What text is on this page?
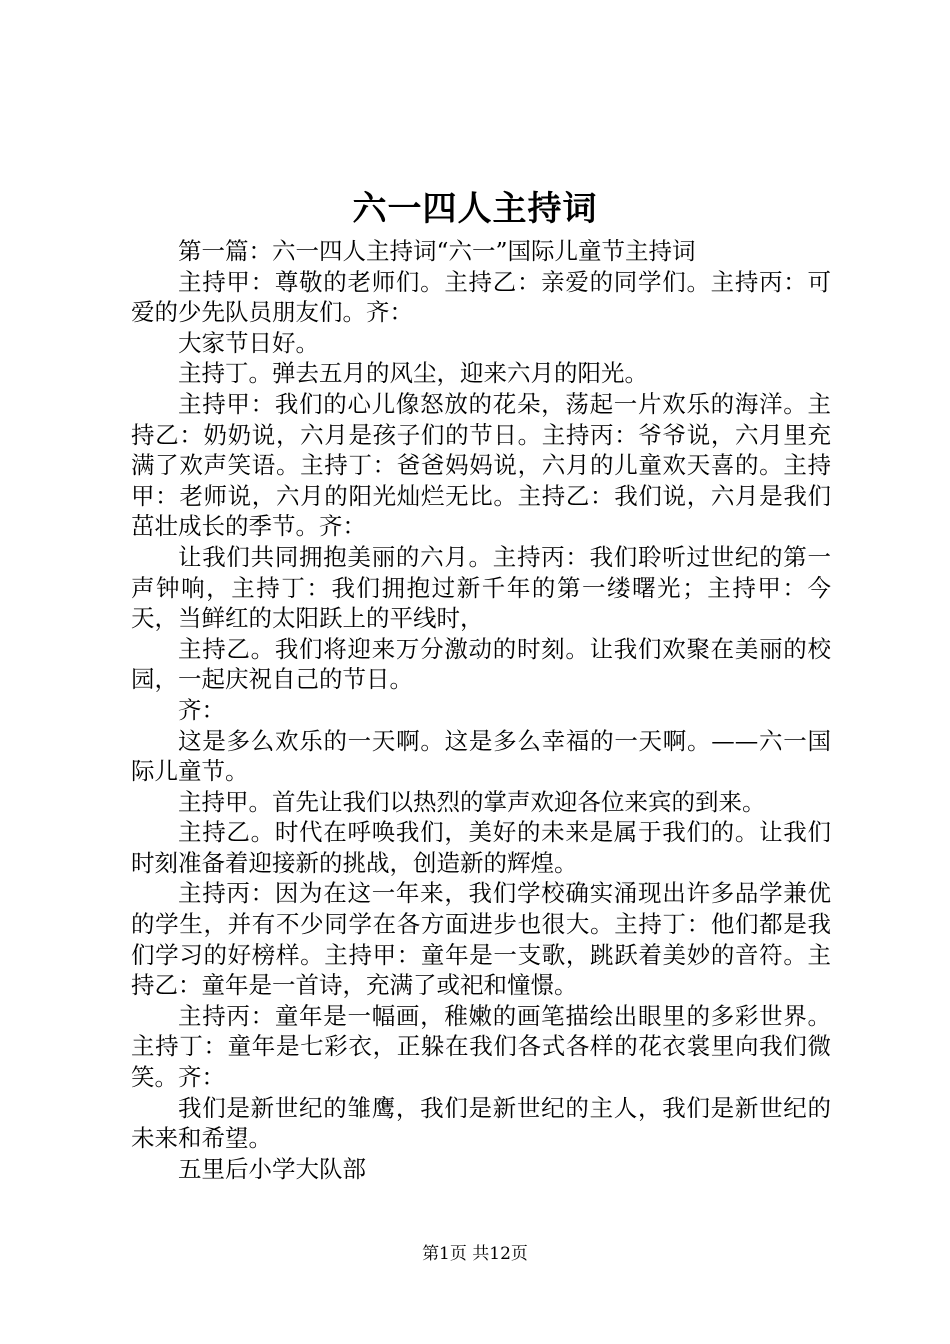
六一四人主持词

第一篇：六一四人主持词“六一”国际儿童节主持词

主持甲：尊敬的老师们。主持乙：亲爱的同学们。主持丙：可爱的少先队员朋友们。齐：

大家节日好。

主持丁。弹去五月的风尘，迎来六月的阳光。

主持甲：我们的心儿像怒放的花朵，荡起一片欢乐的海洋。主持乙：奶奶说，六月是孩子们的节日。主持丙：爷爷说，六月里充满了欢声笑语。主持丁：爸爸妈妈说，六月的儿童欢天喜的。主持甲：老师说，六月的阳光灿烂无比。主持乙：我们说，六月是我们茁壮成长的季节。齐：

让我们共同拥抱美丽的六月。主持丙：我们聆听过世纪的第一声钟响，主持丁：我们拥抱过新千年的第一缕曙光；主持甲：今天，当鲜红的太阳跃上的平线时，

主持乙。我们将迎来万分激动的时刻。让我们欢聚在美丽的校园，一起庆祝自己的节日。

齐：

这是多么欢乐的一天啊。这是多么幸福的一天啊。——六一国际儿童节。

主持甲。首先让我们以热烈的掌声欢迎各位来宾的到来。

主持乙。时代在呼唤我们，美好的未来是属于我们的。让我们时刻准备着迎接新的挑战，创造新的辉煌。

主持丙：因为在这一年来，我们学校确实涌现出许多品学兼优的学生，并有不少同学在各方面进步也很大。主持丁：他们都是我们学习的好榜样。主持甲：童年是一支歌，跳跃着美妙的音符。主持乙：童年是一首诗，充满了或祀和憧憬。

主持丙：童年是一幅画，稚嫩的画笔描绘出眼里的多彩世界。主持丁：童年是七彩衣，正躲在我们各式各样的花衣裳里向我们微笑。齐：

我们是新世纪的雏鹰，我们是新世纪的主人，我们是新世纪的未来和希望。

五里后小学大队部

第1页 共12页
